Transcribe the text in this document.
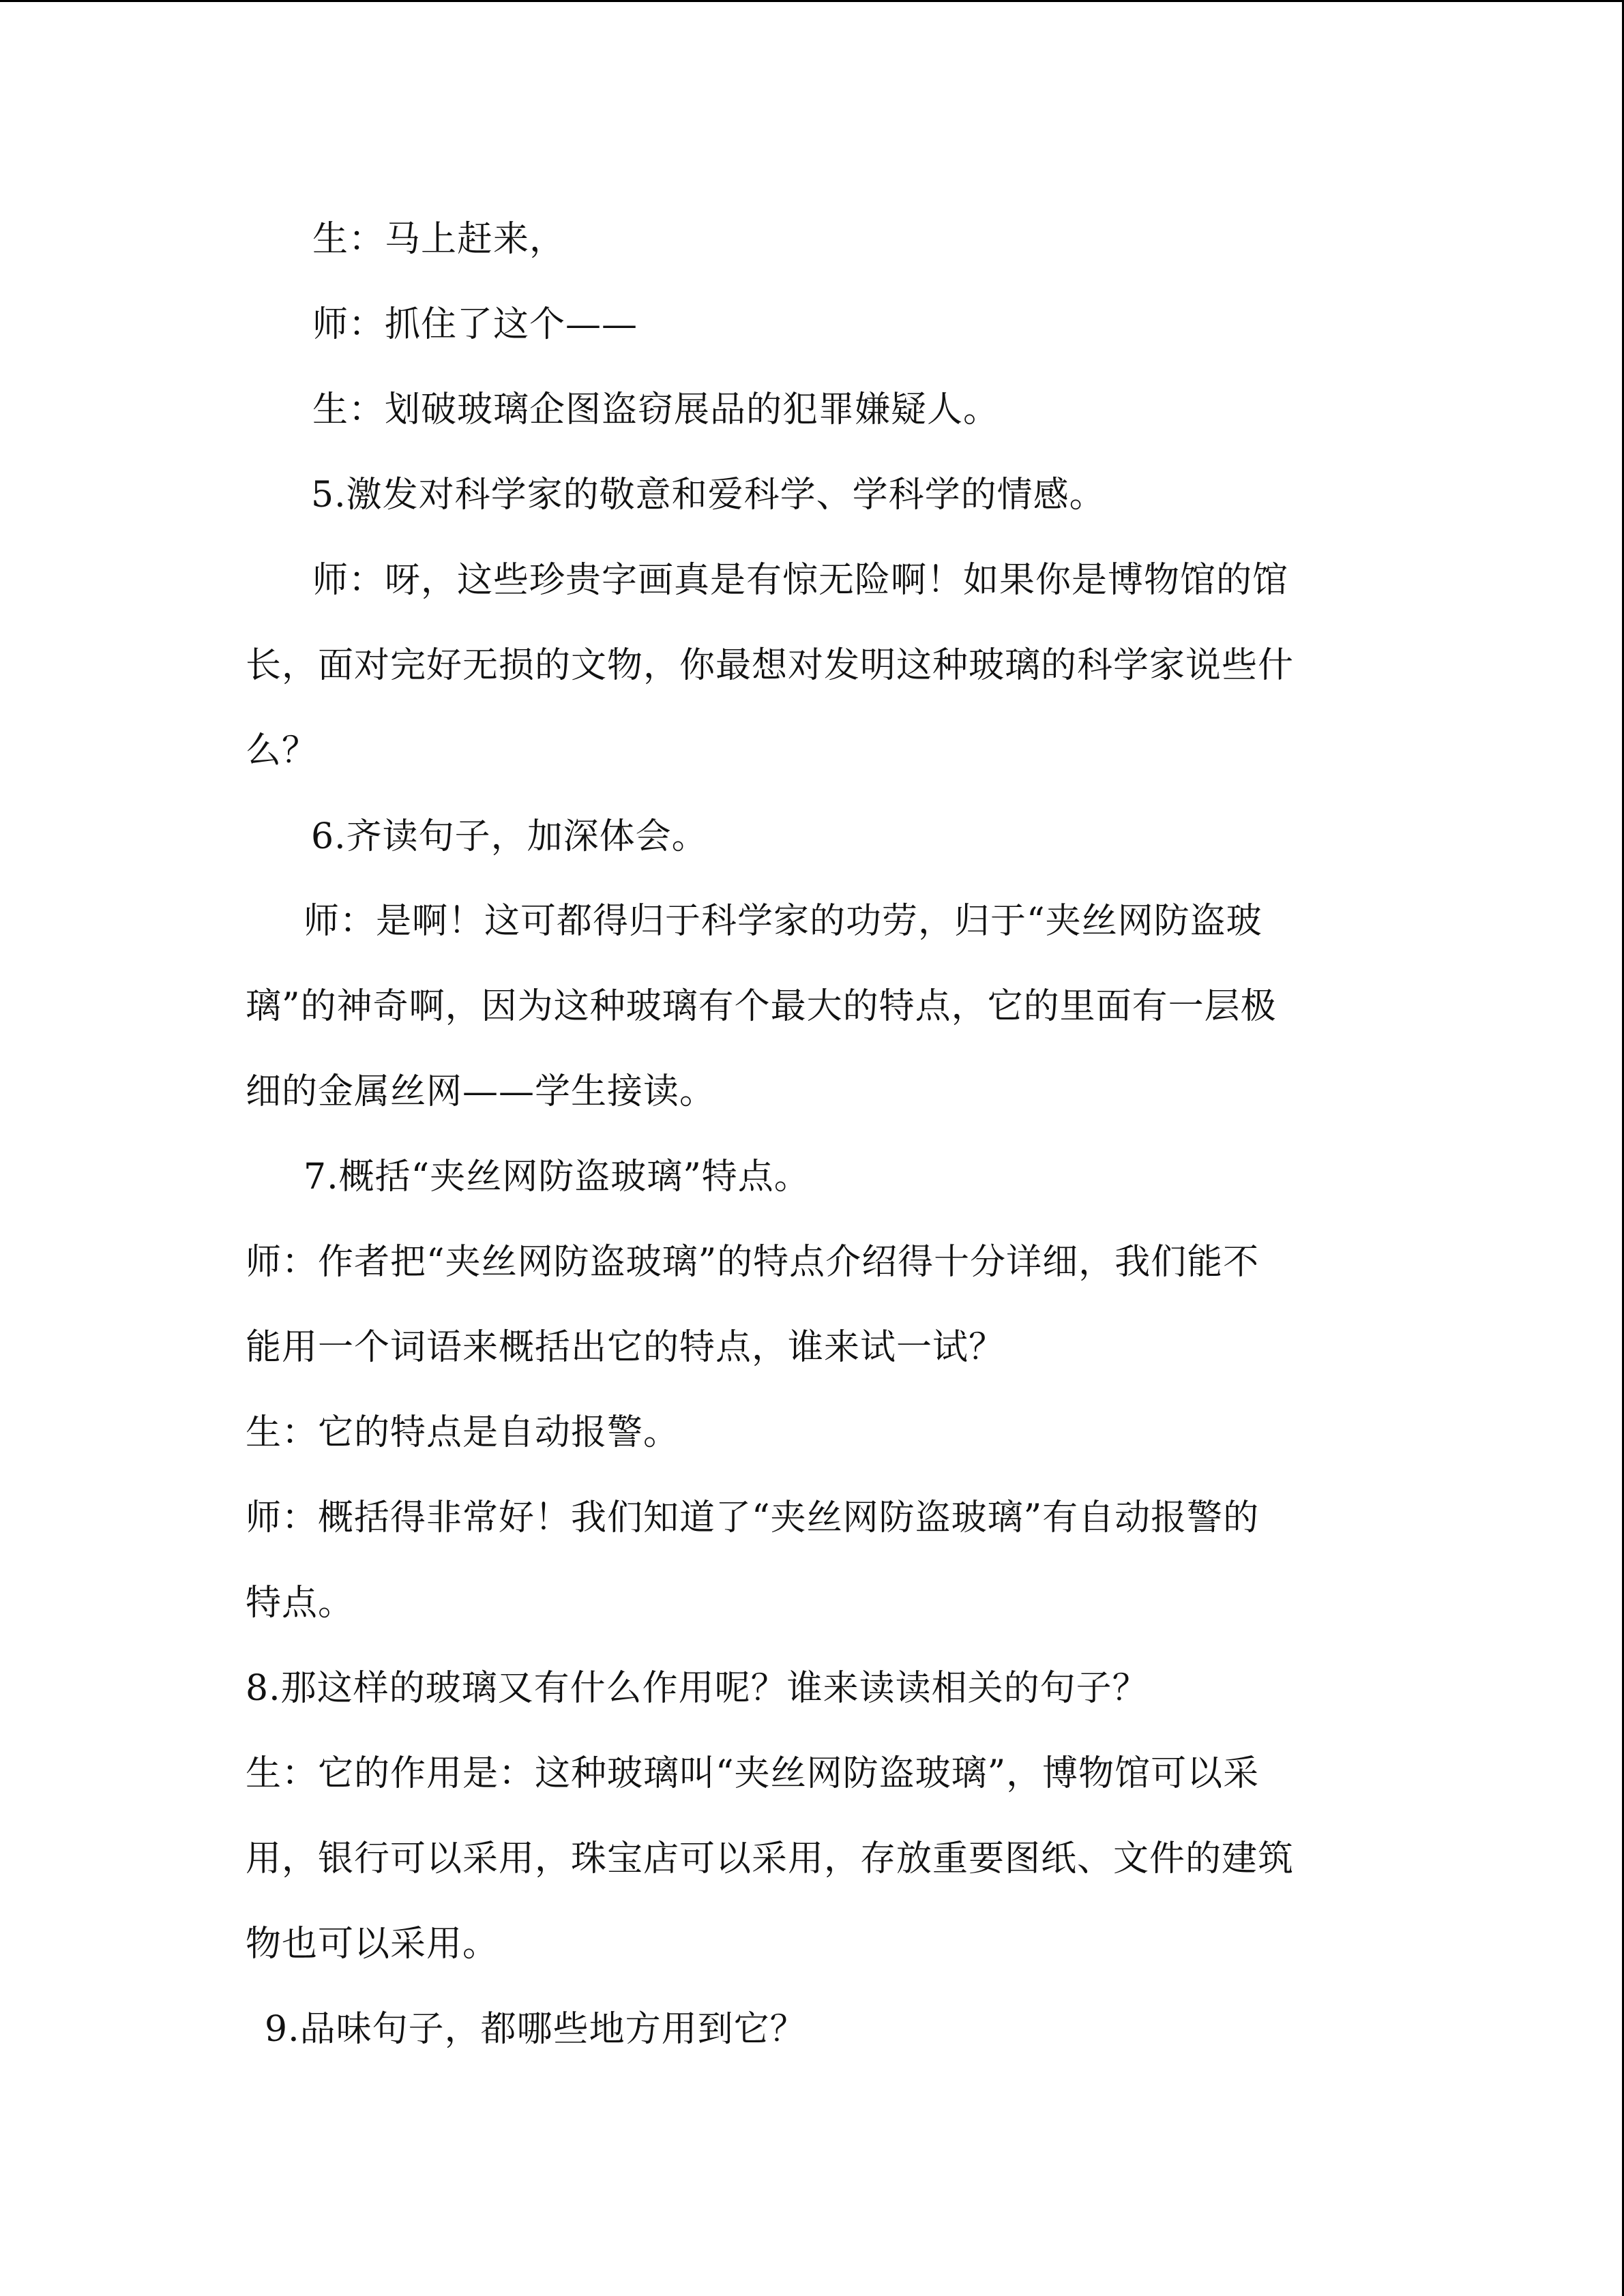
生：马上赶来，
师：抓住了这个——
生：划破玻璃企图盗窃展品的犯罪嫌疑人。
5.激发对科学家的敬意和爱科学、学科学的情感。
师：呀，这些珍贵字画真是有惊无险啊！如果你是博物馆的馆
长，面对完好无损的文物，你最想对发明这种玻璃的科学家说些什
么？
6.齐读句子，加深体会。
师：是啊！这可都得归于科学家的功劳，归于“夹丝网防盗玻
璃”的神奇啊，因为这种玻璃有个最大的特点，它的里面有一层极
细的金属丝网——学生接读。
7.概括“夹丝网防盗玻璃”特点。
师：作者把“夹丝网防盗玻璃”的特点介绍得十分详细，我们能不
能用一个词语来概括出它的特点，谁来试一试？
生：它的特点是自动报警。
师：概括得非常好！我们知道了“夹丝网防盗玻璃”有自动报警的
特点。
8.那这样的玻璃又有什么作用呢？谁来读读相关的句子？
生：它的作用是：这种玻璃叫“夹丝网防盗玻璃”，博物馆可以采
用，银行可以采用，珠宝店可以采用，存放重要图纸、文件的建筑
物也可以采用。
9.品味句子，都哪些地方用到它？
